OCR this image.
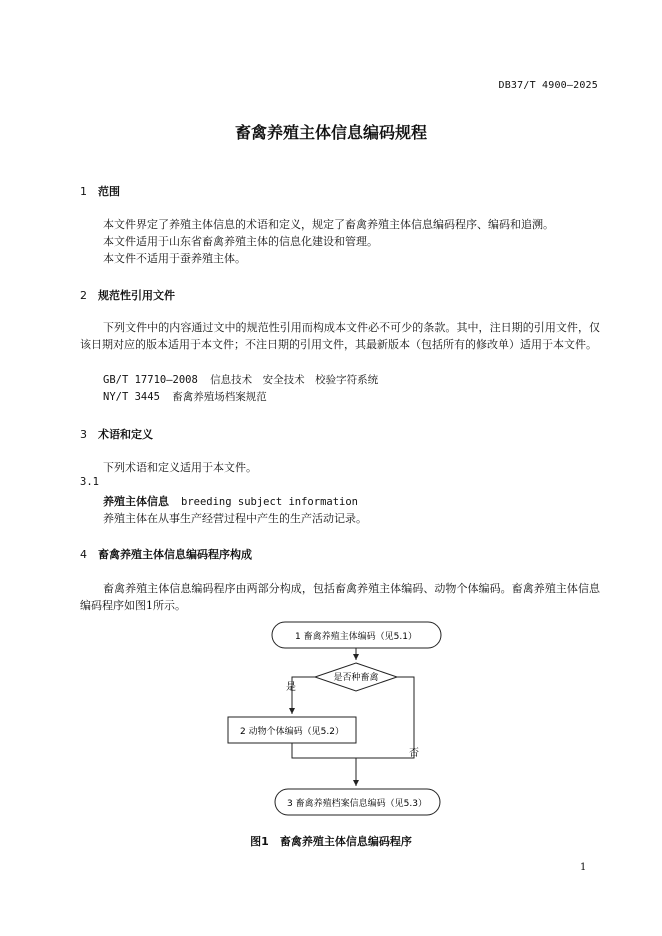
DB37/T 4900—2025
畜禽养殖主体信息编码规程
1 范围
本文件界定了养殖主体信息的术语和定义，规定了畜禽养殖主体信息编码程序、编码和追溯。
本文件适用于山东省畜禽养殖主体的信息化建设和管理。
本文件不适用于蚕养殖主体。
2 规范性引用文件
下列文件中的内容通过文中的规范性引用而构成本文件必不可少的条款。其中，注日期的引用文件，仅该日期对应的版本适用于本文件；不注日期的引用文件，其最新版本（包括所有的修改单）适用于本文件。
GB/T 17710—2008 信息技术　安全技术　校验字符系统
NY/T 3445 畜禽养殖场档案规范
3 术语和定义
下列术语和定义适用于本文件。
3.1
养殖主体信息 breeding subject information
养殖主体在从事生产经营过程中产生的生产活动记录。
4 畜禽养殖主体信息编码程序构成
畜禽养殖主体信息编码程序由两部分构成，包括畜禽养殖主体编码、动物个体编码。畜禽养殖主体信息编码程序如图1所示。
1 畜禽养殖主体编码（见5.1）
是否种畜禽
是
2 动物个体编码（见5.2）
否
3 畜禽养殖档案信息编码（见5.3）
图1　畜禽养殖主体信息编码程序
1
